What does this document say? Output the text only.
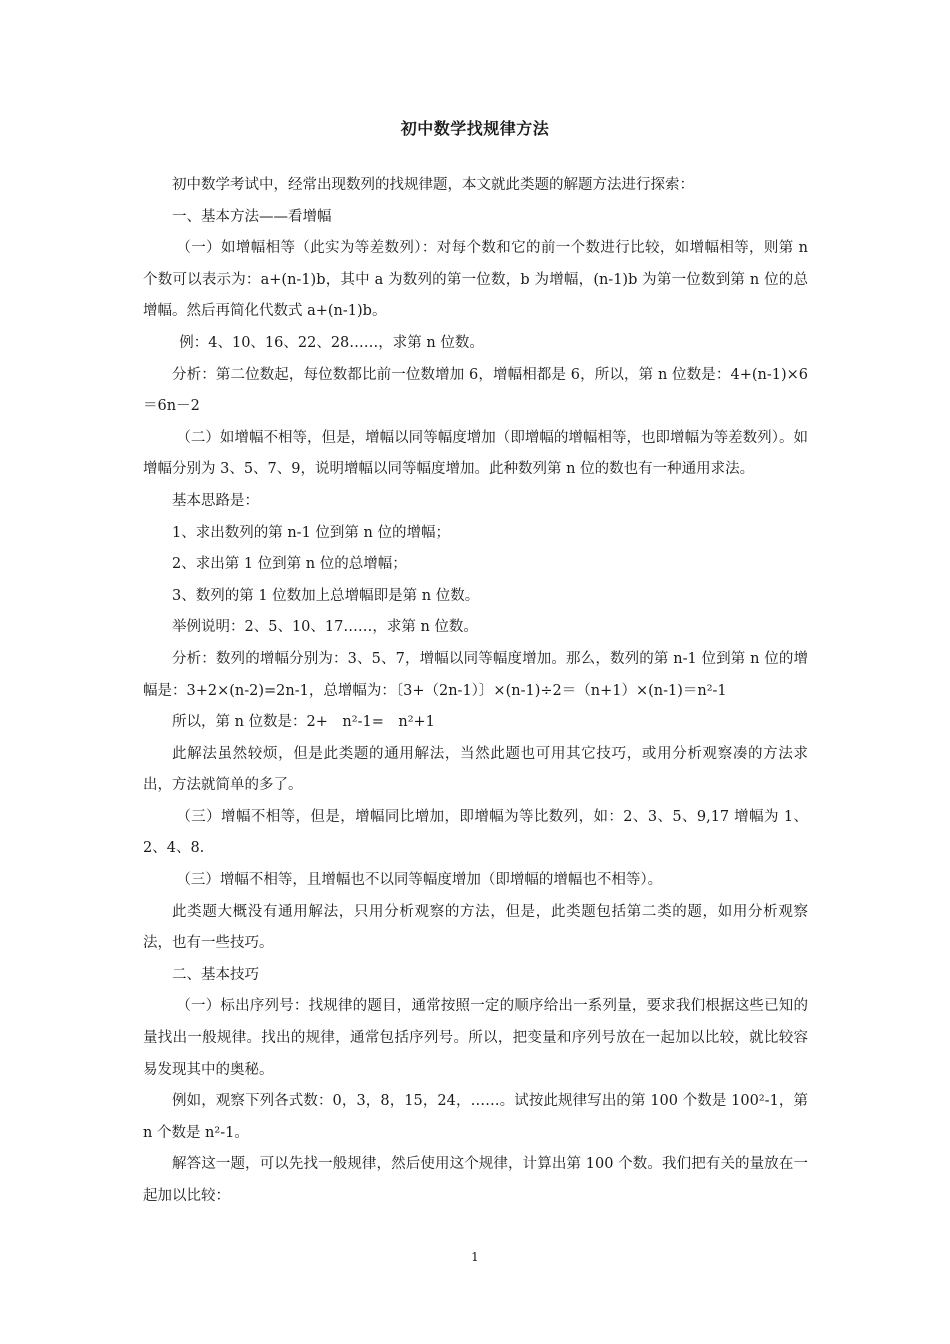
初中数学找规律方法

初中数学考试中，经常出现数列的找规律题，本文就此类题的解题方法进行探索：

一、基本方法——看增幅

（一）如增幅相等（此实为等差数列）：对每个数和它的前一个数进行比较，如增幅相等，则第 n 个数可以表示为：a+(n-1)b，其中 a 为数列的第一位数，b 为增幅，(n-1)b 为第一位数到第 n 位的总增幅。然后再简化代数式 a+(n-1)b。

例：4、10、16、22、28……，求第 n 位数。

分析：第二位数起，每位数都比前一位数增加 6，增幅相都是 6，所以，第 n 位数是：4+(n-1)×6＝6n－2

（二）如增幅不相等，但是，增幅以同等幅度增加（即增幅的增幅相等，也即增幅为等差数列）。如增幅分别为 3、5、7、9，说明增幅以同等幅度增加。此种数列第 n 位的数也有一种通用求法。

基本思路是：

1、求出数列的第 n-1 位到第 n 位的增幅；

2、求出第 1 位到第 n 位的总增幅；

3、数列的第 1 位数加上总增幅即是第 n 位数。

举例说明：2、5、10、17……，求第 n 位数。

分析：数列的增幅分别为：3、5、7，增幅以同等幅度增加。那么，数列的第 n-1 位到第 n 位的增幅是：3+2×(n-2)=2n-1，总增幅为：〔3+（2n-1）〕×(n-1)÷2＝（n+1）×(n-1)＝n²-1

所以，第 n 位数是：2+　n²-1=　n²+1

此解法虽然较烦，但是此类题的通用解法，当然此题也可用其它技巧，或用分析观察凑的方法求出，方法就简单的多了。

（三）增幅不相等，但是，增幅同比增加，即增幅为等比数列，如：2、3、5、9,17 增幅为 1、2、4、8.

（三）增幅不相等，且增幅也不以同等幅度增加（即增幅的增幅也不相等）。

此类题大概没有通用解法，只用分析观察的方法，但是，此类题包括第二类的题，如用分析观察法，也有一些技巧。

二、基本技巧

（一）标出序列号：找规律的题目，通常按照一定的顺序给出一系列量，要求我们根据这些已知的量找出一般规律。找出的规律，通常包括序列号。所以，把变量和序列号放在一起加以比较，就比较容易发现其中的奥秘。

例如，观察下列各式数：0，3，8，15，24，……。试按此规律写出的第 100 个数是 100²-1，第 n 个数是 n²-1。

解答这一题，可以先找一般规律，然后使用这个规律，计算出第 100 个数。我们把有关的量放在一起加以比较：

1
